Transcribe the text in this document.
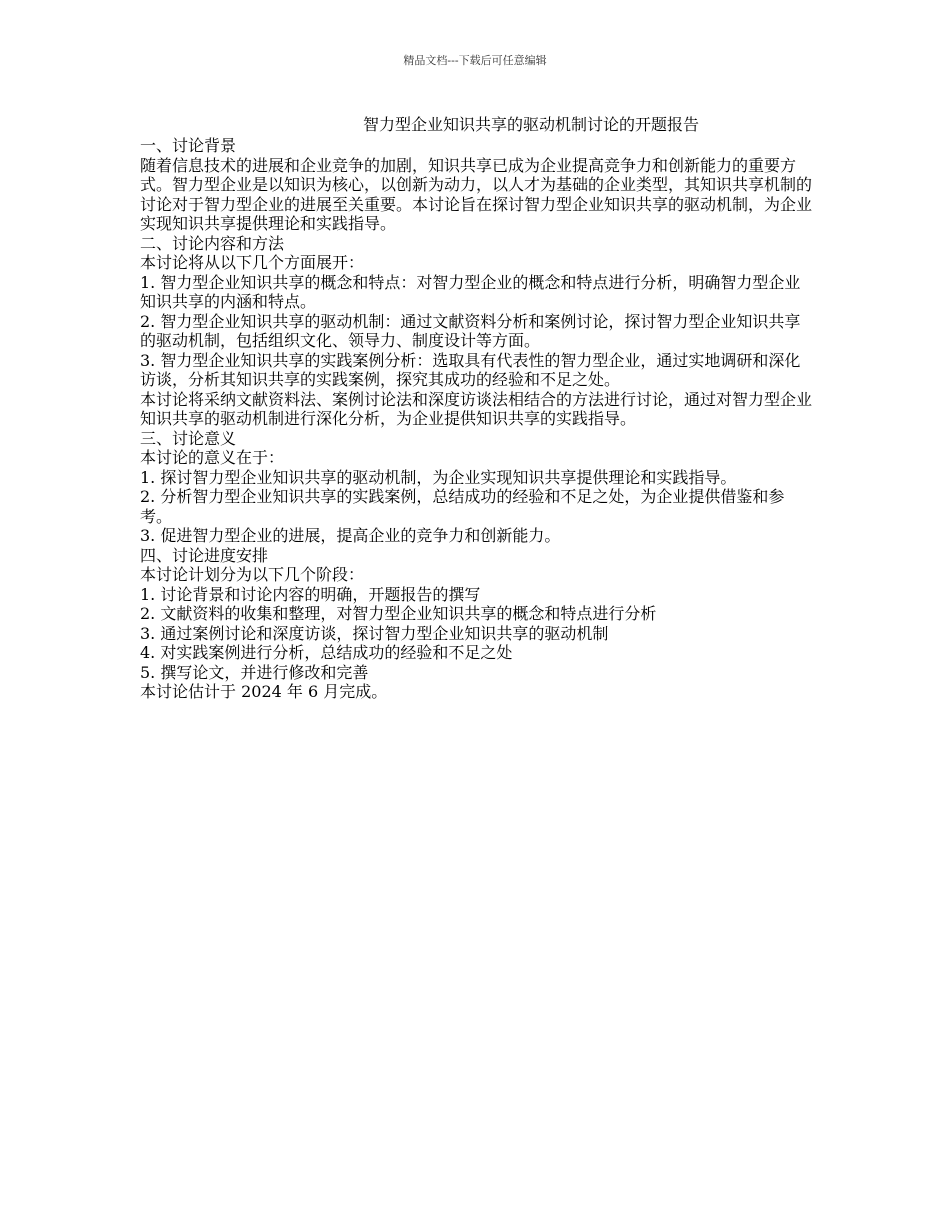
精品文档---下载后可任意编辑
智力型企业知识共享的驱动机制讨论的开题报告

一、讨论背景

随着信息技术的进展和企业竞争的加剧，知识共享已成为企业提高竞争力和创新能力的重要方式。智力型企业是以知识为核心，以创新为动力，以人才为基础的企业类型，其知识共享机制的讨论对于智力型企业的进展至关重要。本讨论旨在探讨智力型企业知识共享的驱动机制，为企业实现知识共享提供理论和实践指导。

二、讨论内容和方法

本讨论将从以下几个方面展开：

1. 智力型企业知识共享的概念和特点：对智力型企业的概念和特点进行分析，明确智力型企业知识共享的内涵和特点。

2. 智力型企业知识共享的驱动机制：通过文献资料分析和案例讨论，探讨智力型企业知识共享的驱动机制，包括组织文化、领导力、制度设计等方面。

3. 智力型企业知识共享的实践案例分析：选取具有代表性的智力型企业，通过实地调研和深化访谈，分析其知识共享的实践案例，探究其成功的经验和不足之处。

本讨论将采纳文献资料法、案例讨论法和深度访谈法相结合的方法进行讨论，通过对智力型企业知识共享的驱动机制进行深化分析，为企业提供知识共享的实践指导。

三、讨论意义

本讨论的意义在于：

1. 探讨智力型企业知识共享的驱动机制，为企业实现知识共享提供理论和实践指导。

2. 分析智力型企业知识共享的实践案例，总结成功的经验和不足之处，为企业提供借鉴和参考。

3. 促进智力型企业的进展，提高企业的竞争力和创新能力。

四、讨论进度安排

本讨论计划分为以下几个阶段：

1. 讨论背景和讨论内容的明确，开题报告的撰写

2. 文献资料的收集和整理，对智力型企业知识共享的概念和特点进行分析

3. 通过案例讨论和深度访谈，探讨智力型企业知识共享的驱动机制

4. 对实践案例进行分析，总结成功的经验和不足之处

5. 撰写论文，并进行修改和完善

本讨论估计于 2024 年 6 月完成。
